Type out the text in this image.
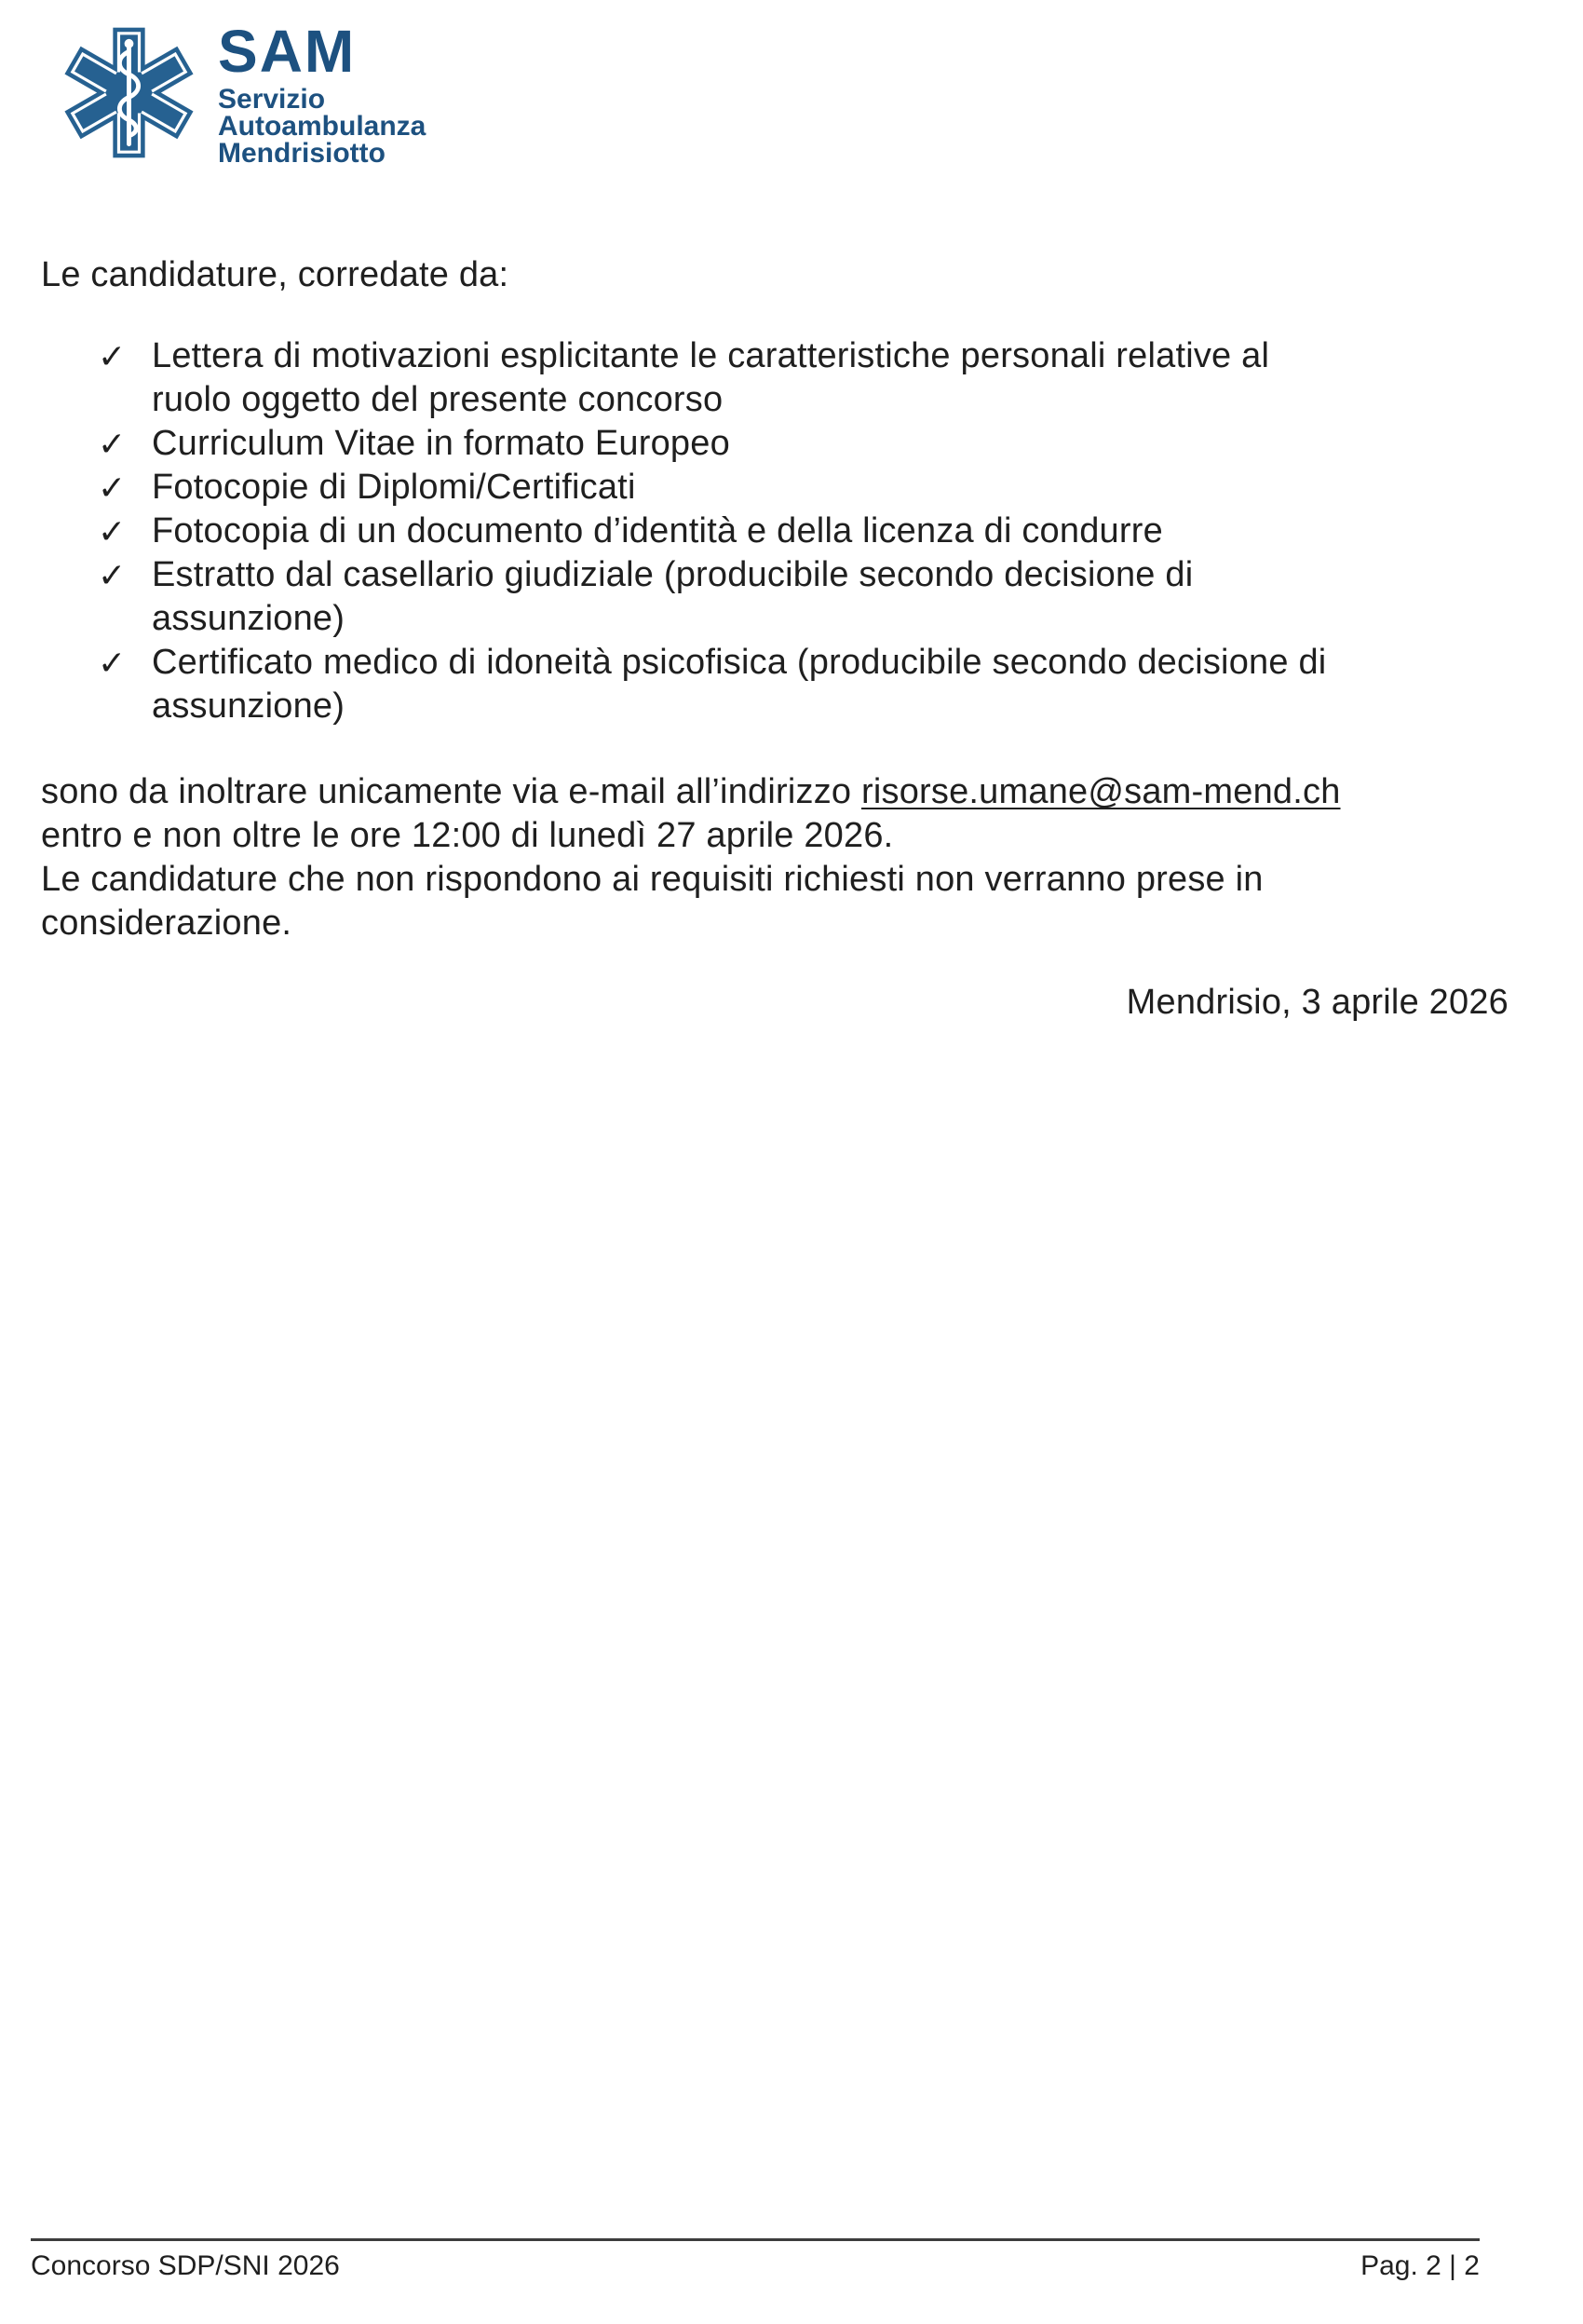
SAM
Servizio
Autoambulanza
Mendrisiotto
Le candidature, corredate da:
✓ Lettera di motivazioni esplicitante le caratteristiche personali relative al
ruolo oggetto del presente concorso
✓ Curriculum Vitae in formato Europeo
✓ Fotocopie di Diplomi/Certificati
✓ Fotocopia di un documento d’identità e della licenza di condurre
✓ Estratto dal casellario giudiziale (producibile secondo decisione di
assunzione)
✓ Certificato medico di idoneità psicofisica (producibile secondo decisione di
assunzione)
sono da inoltrare unicamente via e-mail all’indirizzo risorse.umane@sam-mend.ch
entro e non oltre le ore 12:00 di lunedì 27 aprile 2026.
Le candidature che non rispondono ai requisiti richiesti non verranno prese in
considerazione.
Mendrisio, 3 aprile 2026
Concorso SDP/SNI 2026	Pag. 2 | 2
